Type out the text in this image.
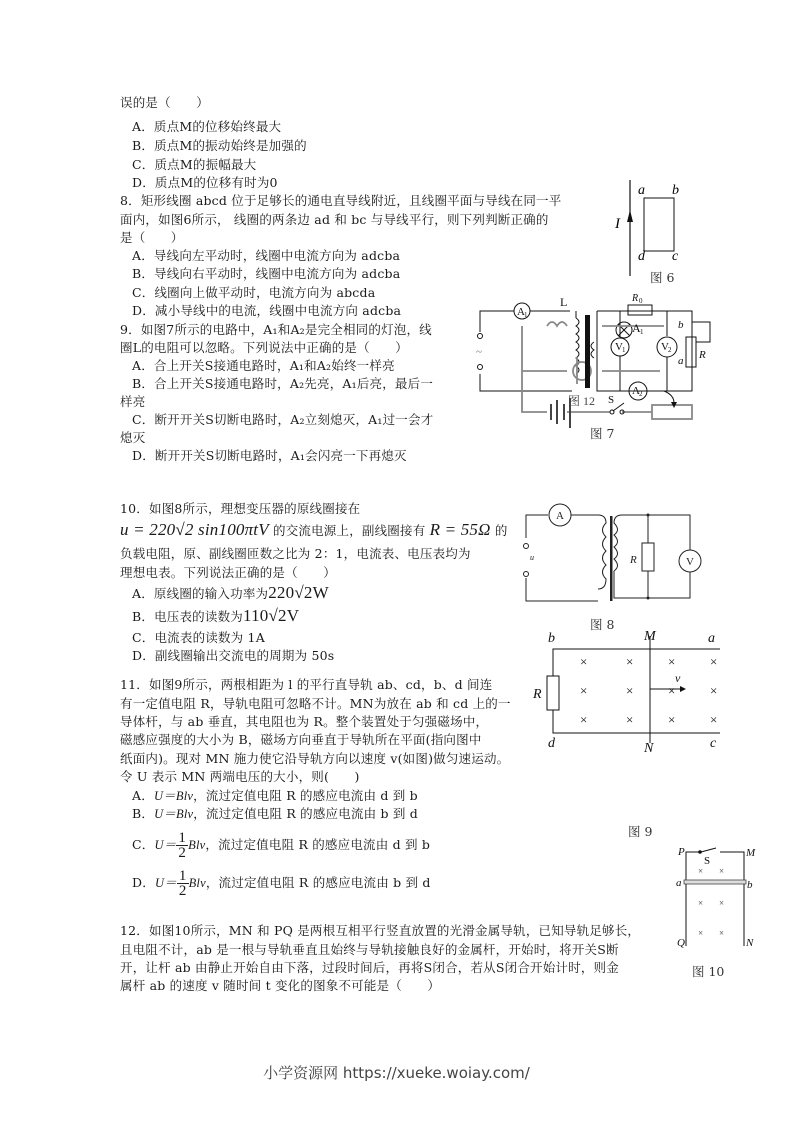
误的是（　　）
A．质点M的位移始终最大
B．质点M的振动始终是加强的
C．质点M的振幅最大
D．质点M的位移有时为0
8．矩形线圈 abcd 位于足够长的通电直导线附近，且线圈平面与导线在同一平
面内，如图6所示， 线圈的两条边 ad 和 bc 与导线平行，则下列判断正确的
是（　　）
A．导线向左平动时，线圈中电流方向为 adcba
B．导线向右平动时，线圈中电流方向为 adcba
C．线圈向上做平动时，电流方向为 abcda
D．减小导线中的电流，线圈中电流方向 adcba
I
a b
d c
图 6
9．如图7所示的电路中，A₁和A₂是完全相同的灯泡，线
圈L的电阻可以忽略。下列说法中正确的是（　　）
A．合上开关S接通电路时，A₁和A₂始终一样亮
B．合上开关S接通电路时，A₂先亮，A₁后亮，最后一
样亮
C．断开开关S切断电路时，A₂立刻熄灭，A₁过一会才
熄灭
D．断开开关S切断电路时，A₁会闪亮一下再熄灭
A 1
L	R 0
A 1
V 1	V 2
A 2
b
a R
S
~
图 12
图 7
10．如图8所示，理想变压器的原线圈接在
u = 220√2 sin100πtV 的交流电源上，副线圈接有 R = 55Ω 的
负载电阻，原、副线圈匝数之比为 2：1，电流表、电压表均为
理想电表。下列说法正确的是（　　）
A．原线圈的输入功率为220√2W
B．电压表的读数为110√2V
C．电流表的读数为 1A
D．副线圈输出交流电的周期为 50s
A
V
R
u
图 8
11．如图9所示，两根相距为 l 的平行直导轨 ab、cd，b、d 间连
有一定值电阻 R，导轨电阻可忽略不计。MN为放在 ab 和 cd 上的一
导体杆，与 ab 垂直，其电阻也为 R。整个装置处于匀强磁场中，
磁感应强度的大小为 B，磁场方向垂直于导轨所在平面(指向图中
纸面内)。现对 MN 施力使它沿导轨方向以速度 v(如图)做匀速运动。
令 U 表示 MN 两端电压的大小，则(　　)
A．U＝Blv，流过定值电阻 R 的感应电流由 d 到 b
B．U＝Blv，流过定值电阻 R 的感应电流由 b 到 d
C．$U= \frac{1}{2}$ Blv，流过定值电阻 R 的感应电流由 d 到 b
D．$U= \frac{1}{2}$ Blv，流过定值电阻 R 的感应电流由 b 到 d
×	×	×	×
×	×	×	×
×	×	×	×
b	M	a
R
v
d	N	c
图 9
12．如图10所示，MN 和 PQ 是两根互相平行竖直放置的光滑金属导轨，已知导轨足够长，
且电阻不计，ab 是一根与导轨垂直且始终与导轨接触良好的金属杆，开始时，将开关S断
开，让杆 ab 由静止开始自由下落，过段时间后，再将S闭合，若从S闭合开始计时，则金
属杆 ab 的速度 v 随时间 t 变化的图象不可能是（　　）
× ×
× ×
× ×
P
S
M
a	b
Q	N
图 10
小学资源网 https://xueke.woiay.com/
